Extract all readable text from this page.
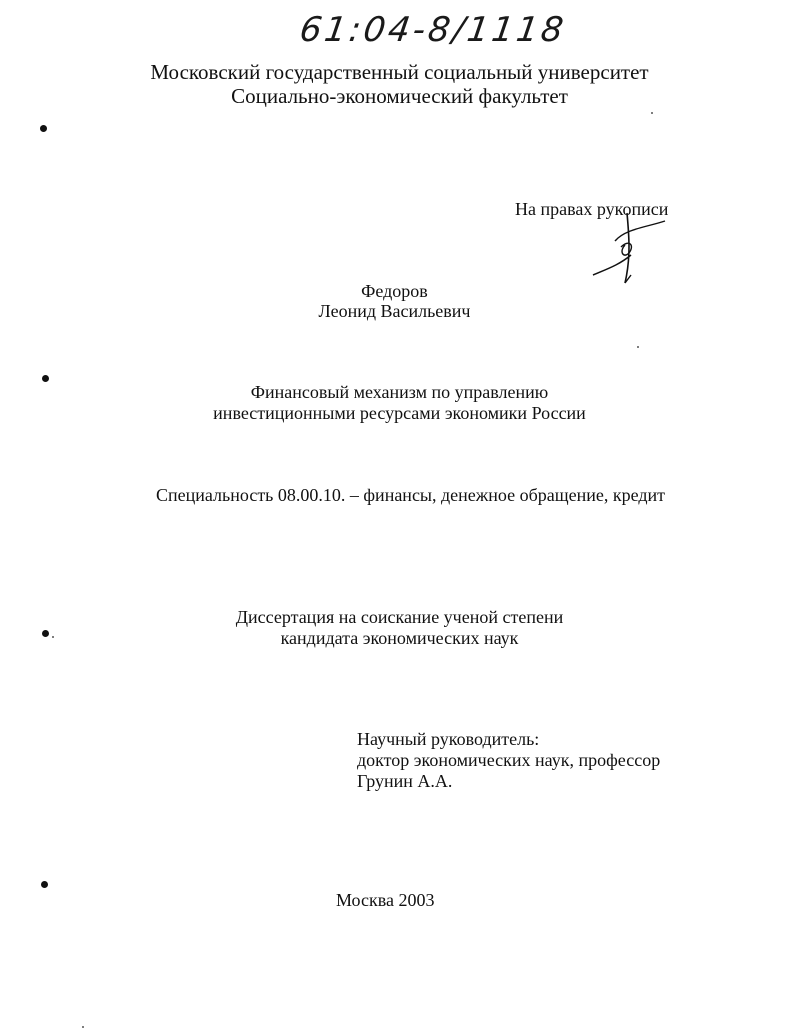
61:04-8/1118
Московский государственный социальный университет
Социально-экономический факультет
На правах рукописи
Федоров
Леонид Васильевич
Финансовый механизм по управлению
инвестиционными ресурсами экономики России
Специальность 08.00.10. – финансы, денежное обращение, кредит
Диссертация на соискание ученой степени
кандидата экономических наук
Научный руководитель:
доктор экономических наук, профессор
Грунин А.А.
Москва 2003
